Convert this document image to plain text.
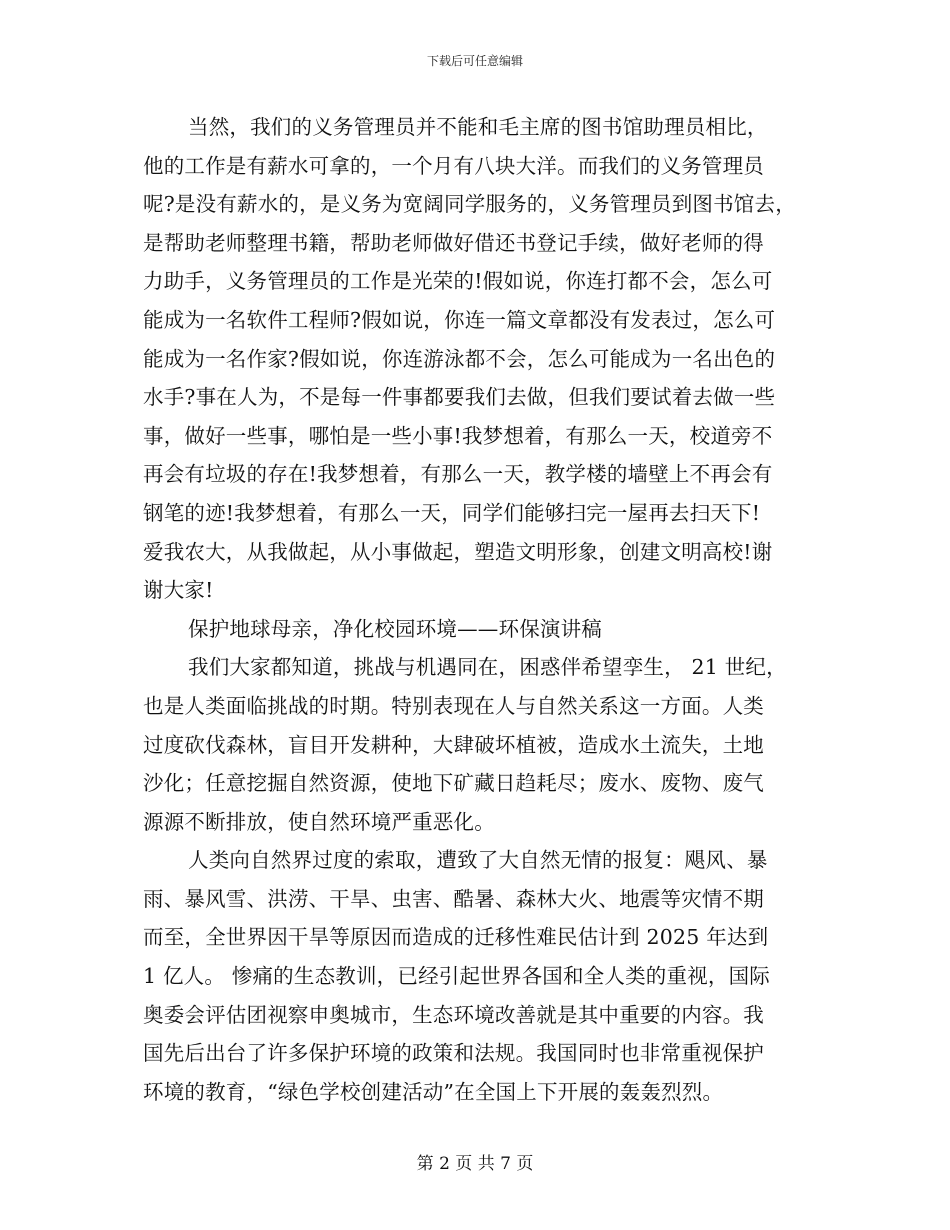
下载后可任意编辑
当然，我们的义务管理员并不能和毛主席的图书馆助理员相比，
他的工作是有薪水可拿的，一个月有八块大洋。而我们的义务管理员
呢?是没有薪水的，是义务为宽阔同学服务的，义务管理员到图书馆去，
是帮助老师整理书籍，帮助老师做好借还书登记手续，做好老师的得
力助手，义务管理员的工作是光荣的!假如说，你连打都不会，怎么可
能成为一名软件工程师?假如说，你连一篇文章都没有发表过，怎么可
能成为一名作家?假如说，你连游泳都不会，怎么可能成为一名出色的
水手?事在人为，不是每一件事都要我们去做，但我们要试着去做一些
事，做好一些事，哪怕是一些小事!我梦想着，有那么一天，校道旁不
再会有垃圾的存在!我梦想着，有那么一天，教学楼的墙壁上不再会有
钢笔的迹!我梦想着，有那么一天，同学们能够扫完一屋再去扫天下!
爱我农大，从我做起，从小事做起，塑造文明形象，创建文明高校!谢
谢大家!
保护地球母亲，净化校园环境——环保演讲稿
我们大家都知道，挑战与机遇同在，困惑伴希望孪生， 21 世纪，
也是人类面临挑战的时期。特别表现在人与自然关系这一方面。人类
过度砍伐森林，盲目开发耕种，大肆破坏植被，造成水土流失，土地
沙化；任意挖掘自然资源，使地下矿藏日趋耗尽；废水、废物、废气
源源不断排放，使自然环境严重恶化。
人类向自然界过度的索取，遭致了大自然无情的报复：飓风、暴
雨、暴风雪、洪涝、干旱、虫害、酷暑、森林大火、地震等灾情不期
而至，全世界因干旱等原因而造成的迁移性难民估计到 2025 年达到
1 亿人。 惨痛的生态教训，已经引起世界各国和全人类的重视，国际
奥委会评估团视察申奥城市，生态环境改善就是其中重要的内容。我
国先后出台了许多保护环境的政策和法规。我国同时也非常重视保护
环境的教育，“绿色学校创建活动”在全国上下开展的轰轰烈烈。
第 2 页 共 7 页
